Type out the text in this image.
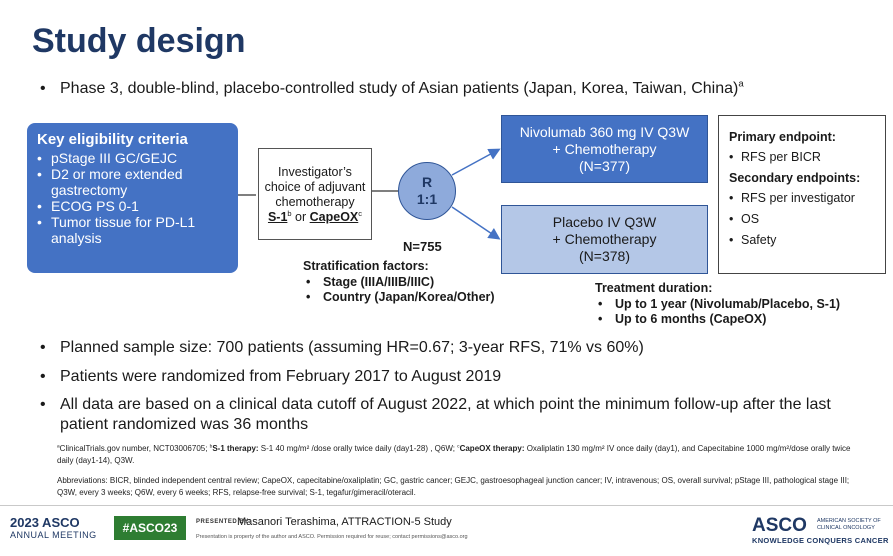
Study design
• Phase 3, double-blind, placebo-controlled study of Asian patients (Japan, Korea, Taiwan, China)$^a$
Key eligibility criteria
• pStage III GC/GEJC
• D2 or more extended gastrectomy
• ECOG PS 0-1
• Tumor tissue for PD-L1 analysis
Investigator’s
choice of adjuvant
chemotherapy
S-1$^b$ or CapeOX$^c$
R
1:1
N=755
Nivolumab 360 mg IV Q3W
+ Chemotherapy
(N=377)
Placebo IV Q3W
+ Chemotherapy
(N=378)
Primary endpoint:
• RFS per BICR
Secondary endpoints:
• RFS per investigator
• OS
• Safety
Stratification factors:
• Stage (IIIA/IIIB/IIIC)
• Country (Japan/Korea/Other)
Treatment duration:
• Up to 1 year (Nivolumab/Placebo, S-1)
• Up to 6 months (CapeOX)
• Planned sample size: 700 patients (assuming HR=0.67; 3-year RFS, 71% vs 60%)
• Patients were randomized from February 2017 to August 2019
• All data are based on a clinical data cutoff of August 2022, at which point the minimum follow-up after the last patient randomized was 36 months
$^a$ClinicalTrials.gov number, NCT03006705; $^b$S-1 therapy: S-1 40 mg/m² /dose orally twice daily (day1-28) , Q6W; $^c$CapeOX therapy: Oxaliplatin 130 mg/m² IV once daily (day1), and Capecitabine 1000 mg/m²/dose orally twice daily (day1-14), Q3W.
Abbreviations: BICR, blinded independent central review; CapeOX, capecitabine/oxaliplatin; GC, gastric cancer; GEJC, gastroesophageal junction cancer; IV, intravenous; OS, overall survival; pStage III, pathological stage III; Q3W, every 3 weeks; Q6W, every 6 weeks; RFS, relapse-free survival; S-1, tegafur/gimeracil/oteracil.
2023 ASCO
ANNUAL MEETING	#ASCO23	PRESENTED BY:
Masanori Terashima, ATTRACTION-5 Study
Presentation is property of the author and ASCO. Permission required for reuse; contact permissions@asco.org
ASCO AMERICAN SOCIETY OF CLINICAL ONCOLOGY
KNOWLEDGE CONQUERS CANCER
